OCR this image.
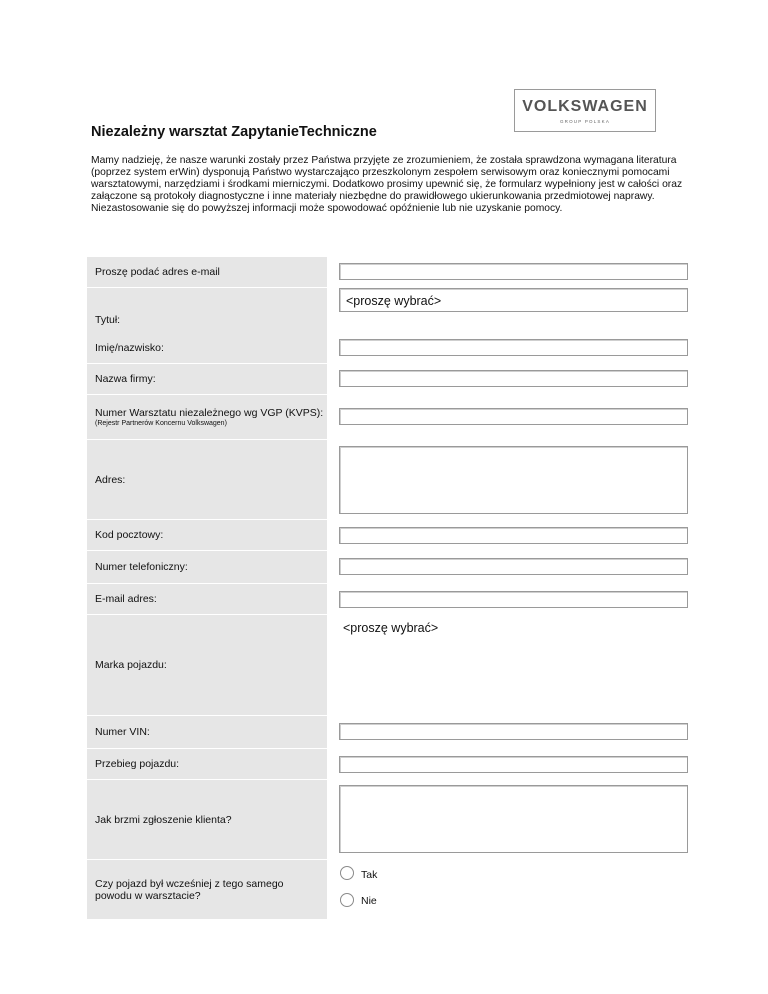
VOLKSWAGEN
GROUP POLSKA
Niezależny warsztat ZapytanieTechniczne

Mamy nadzieję, że nasze warunki zostały przez Państwa przyjęte ze zrozumieniem, że została sprawdzona wymagana literatura (poprzez system erWin) dysponują Państwo wystarczająco przeszkolonym zespołem serwisowym oraz koniecznymi pomocami warsztatowymi, narzędziami i środkami mierniczymi. Dodatkowo prosimy upewnić się, że formularz wypełniony jest w całości oraz załączone są protokoły diagnostyczne i inne materiały niezbędne do prawidłowego ukierunkowania przedmiotowej naprawy. Niezastosowanie się do powyższej informacji może spowodować opóźnienie lub nie uzyskanie pomocy.

Proszę podać adres e-mail
Tytuł:
<proszę wybrać>
Imię/nazwisko:
Nazwa firmy:
Numer Warsztatu niezależnego wg VGP (KVPS):
(Rejestr Partnerów Koncernu Volkswagen)
Adres:
Kod pocztowy:
Numer telefoniczny:
E-mail adres:
Marka pojazdu:
<proszę wybrać>
Numer VIN:
Przebieg pojazdu:
Jak brzmi zgłoszenie klienta?
Czy pojazd był wcześniej z tego samego powodu w warsztacie?
Tak
Nie
